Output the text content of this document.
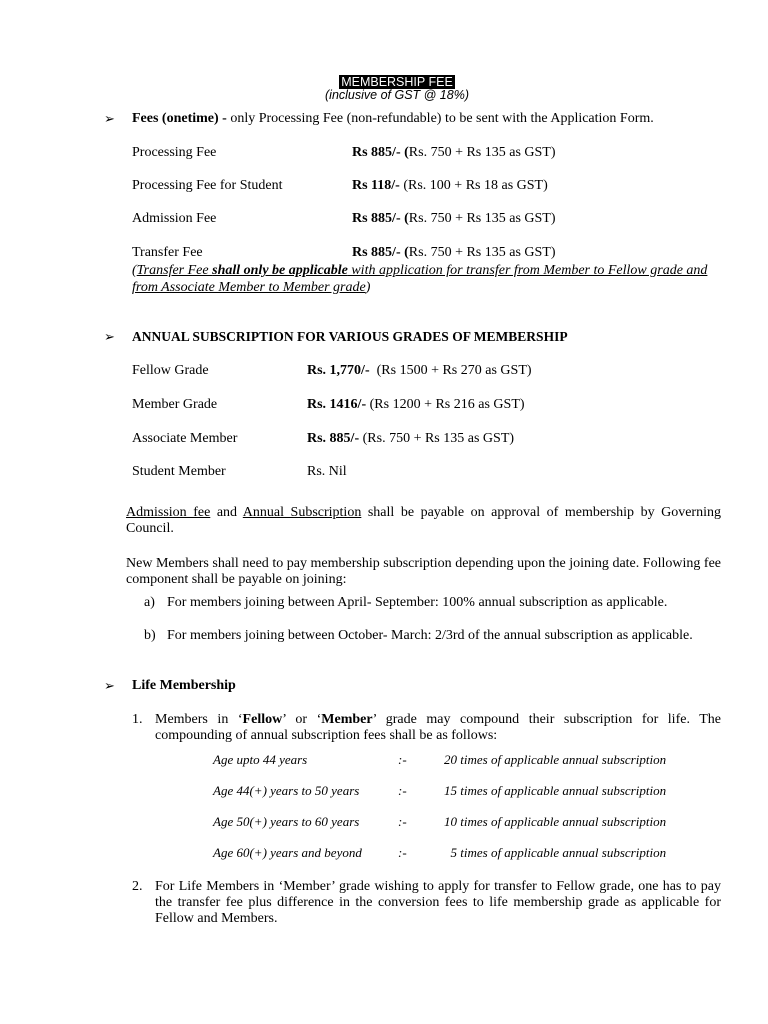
MEMBERSHIP FEE
(inclusive of GST @ 18%)
➢ Fees (onetime) - only Processing Fee (non-refundable) to be sent with the Application Form.
Processing Fee	Rs 885/- (Rs. 750 + Rs 135 as GST)
Processing Fee for Student	Rs 118/- (Rs. 100 + Rs 18 as GST)
Admission Fee	Rs 885/- (Rs. 750 + Rs 135 as GST)
Transfer Fee	Rs 885/- (Rs. 750 + Rs 135 as GST)
(Transfer Fee shall only be applicable with application for transfer from Member to Fellow grade and from Associate Member to Member grade)
➢ ANNUAL SUBSCRIPTION FOR VARIOUS GRADES OF MEMBERSHIP
Fellow Grade	Rs. 1,770/-  (Rs 1500 + Rs 270 as GST)
Member Grade	Rs. 1416/- (Rs 1200 + Rs 216 as GST)
Associate Member	Rs. 885/- (Rs. 750 + Rs 135 as GST)
Student Member	Rs. Nil
Admission fee and Annual Subscription shall be payable on approval of membership by Governing Council.
New Members shall need to pay membership subscription depending upon the joining date. Following fee component shall be payable on joining:
a) For members joining between April- September: 100% annual subscription as applicable.
b) For members joining between October- March: 2/3rd of the annual subscription as applicable.
➢ Life Membership
1. Members in ‘Fellow’ or ‘Member’ grade may compound their subscription for life. The compounding of annual subscription fees shall be as follows:
Age upto 44 years	:-	20 times of applicable annual subscription
Age 44(+) years to 50 years	:-	15 times of applicable annual subscription
Age 50(+) years to 60 years	:-	10 times of applicable annual subscription
Age 60(+) years and beyond	:-	5 times of applicable annual subscription
2. For Life Members in ‘Member’ grade wishing to apply for transfer to Fellow grade, one has to pay the transfer fee plus difference in the conversion fees to life membership grade as applicable for Fellow and Members.
